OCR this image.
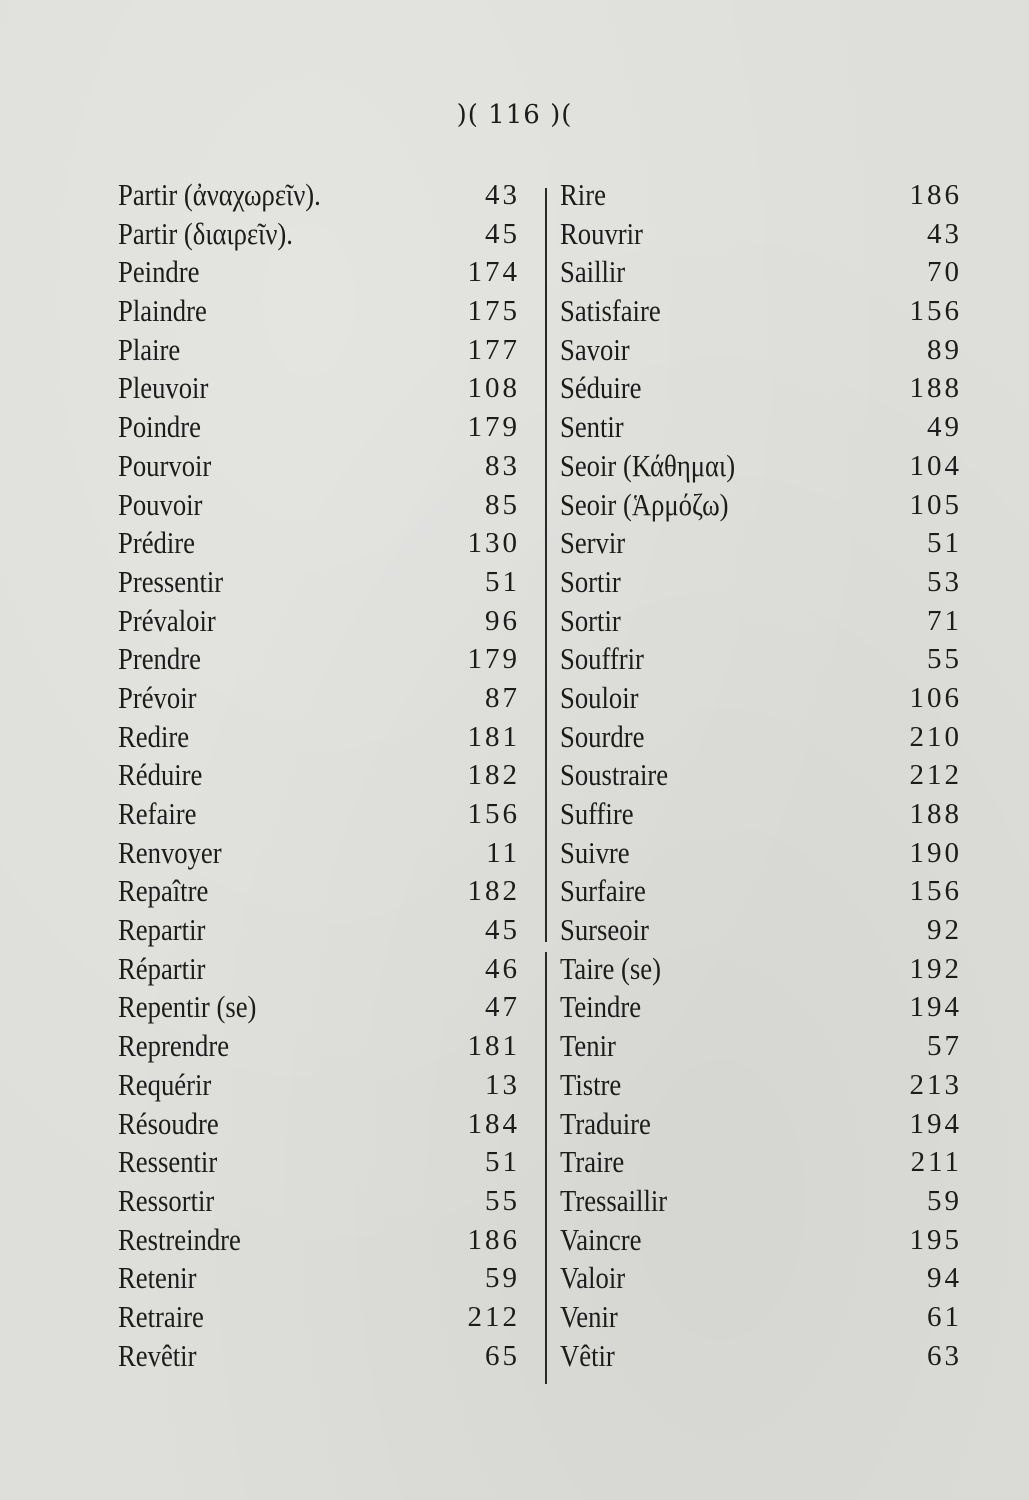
)( 116 )(
Partir (ἀναχωρεῖν).	43
Partir (διαιρεῖν).	45
Peindre	174
Plaindre	175
Plaire	177
Pleuvoir	108
Poindre	179
Pourvoir	83
Pouvoir	85
Prédire	130
Pressentir	51
Prévaloir	96
Prendre	179
Prévoir	87
Redire	181
Réduire	182
Refaire	156
Renvoyer	11
Repaître	182
Repartir	45
Répartir	46
Repentir (se)	47
Reprendre	181
Requérir	13
Résoudre	184
Ressentir	51
Ressortir	55
Restreindre	186
Retenir	59
Retraire	212
Revêtir	65
Rire	186
Rouvrir	43
Saillir	70
Satisfaire	156
Savoir	89
Séduire	188
Sentir	49
Seoir (Κάθημαι)	104
Seoir (Ἁρμόζω)	105
Servir	51
Sortir	53
Sortir	71
Souffrir	55
Souloir	106
Sourdre	210
Soustraire	212
Suffire	188
Suivre	190
Surfaire	156
Surseoir	92
Taire (se)	192
Teindre	194
Tenir	57
Tistre	213
Traduire	194
Traire	211
Tressaillir	59
Vaincre	195
Valoir	94
Venir	61
Vêtir	63
